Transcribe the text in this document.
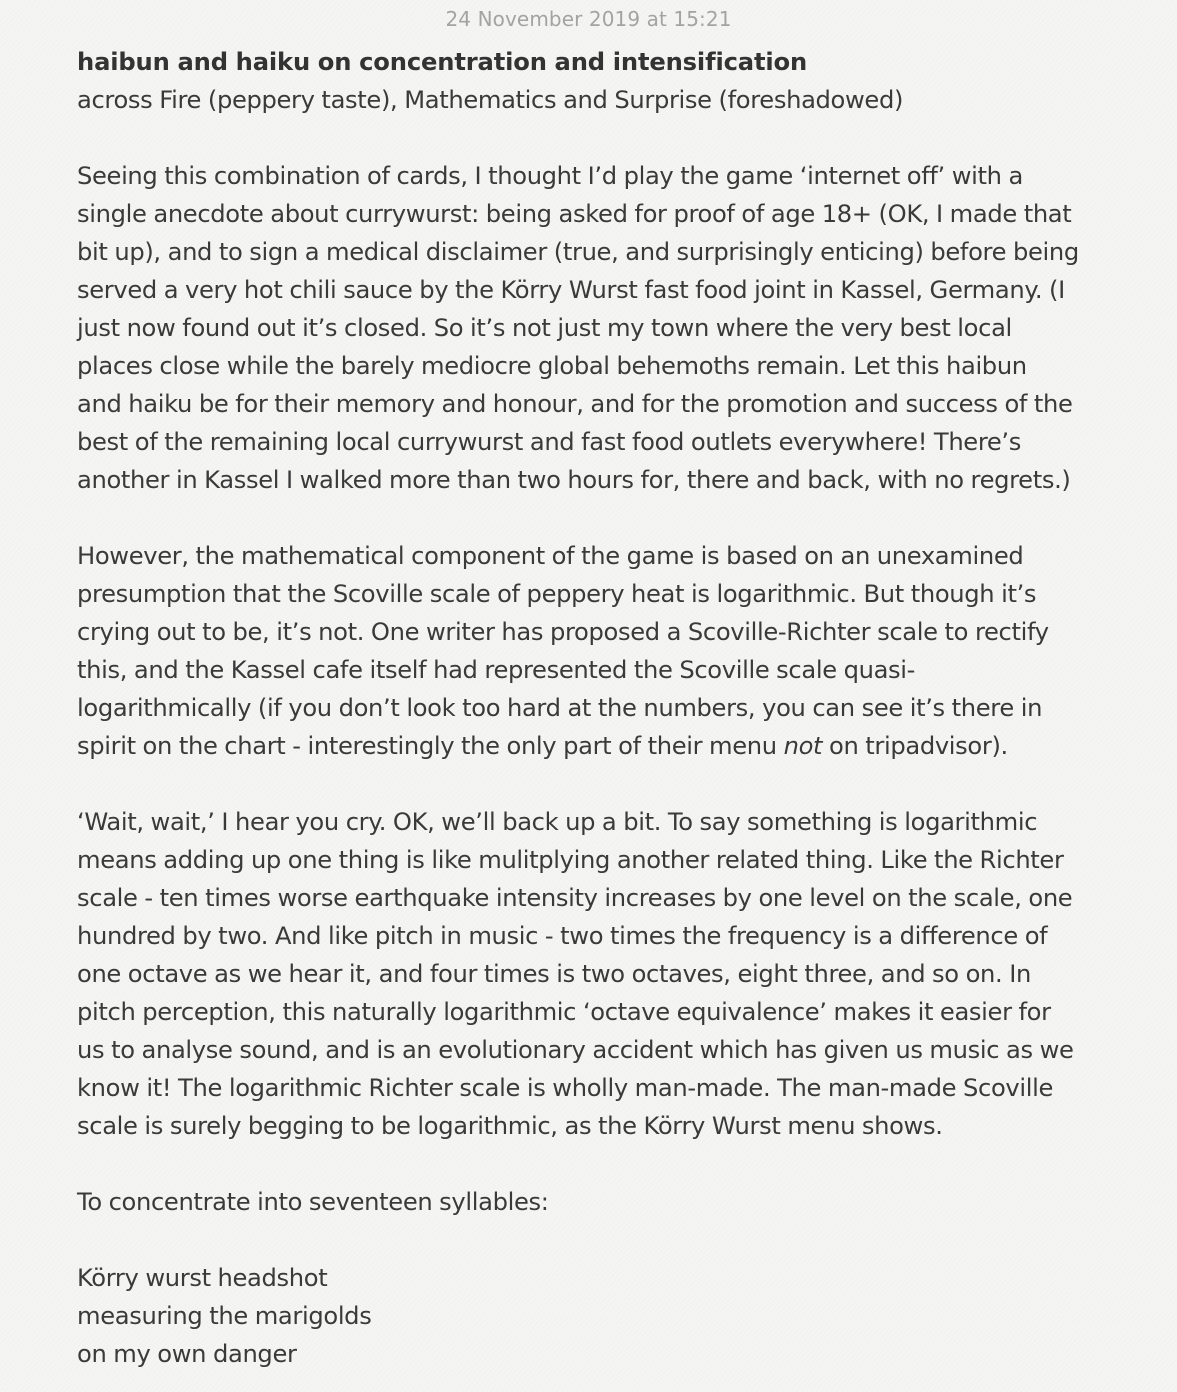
24 November 2019 at 15:21
haibun and haiku on concentration and intensification
across Fire (peppery taste), Mathematics and Surprise (foreshadowed)
Seeing this combination of cards, I thought I’d play the game ‘internet off’ with a
single anecdote about currywurst: being asked for proof of age 18+ (OK, I made that
bit up), and to sign a medical disclaimer (true, and surprisingly enticing) before being
served a very hot chili sauce by the Körry Wurst fast food joint in Kassel, Germany. (I
just now found out it’s closed. So it’s not just my town where the very best local
places close while the barely mediocre global behemoths remain. Let this haibun
and haiku be for their memory and honour, and for the promotion and success of the
best of the remaining local currywurst and fast food outlets everywhere! There’s
another in Kassel I walked more than two hours for, there and back, with no regrets.)
However, the mathematical component of the game is based on an unexamined
presumption that the Scoville scale of peppery heat is logarithmic. But though it’s
crying out to be, it’s not. One writer has proposed a Scoville-Richter scale to rectify
this, and the Kassel cafe itself had represented the Scoville scale quasi-
logarithmically (if you don’t look too hard at the numbers, you can see it’s there in
spirit on the chart - interestingly the only part of their menu not on tripadvisor).
‘Wait, wait,’ I hear you cry. OK, we’ll back up a bit. To say something is logarithmic
means adding up one thing is like mulitplying another related thing. Like the Richter
scale - ten times worse earthquake intensity increases by one level on the scale, one
hundred by two. And like pitch in music - two times the frequency is a difference of
one octave as we hear it, and four times is two octaves, eight three, and so on. In
pitch perception, this naturally logarithmic ‘octave equivalence’ makes it easier for
us to analyse sound, and is an evolutionary accident which has given us music as we
know it! The logarithmic Richter scale is wholly man-made. The man-made Scoville
scale is surely begging to be logarithmic, as the Körry Wurst menu shows.
To concentrate into seventeen syllables:
Körry wurst headshot
measuring the marigolds
on my own danger
